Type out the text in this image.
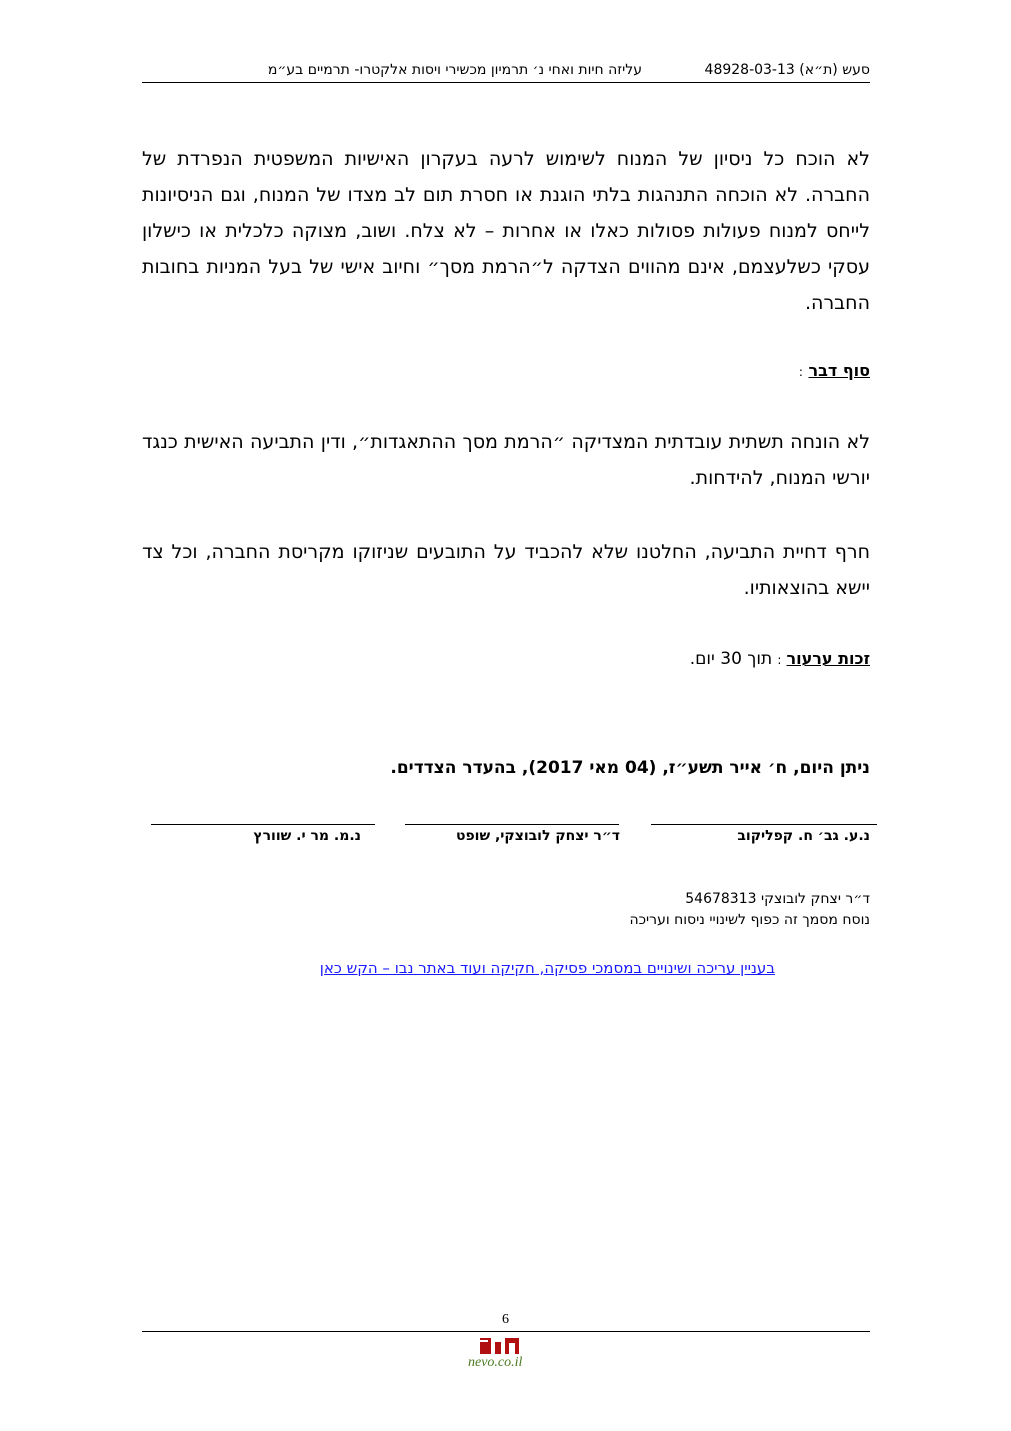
סעש (ת״א) 48928-03-13
עליזה חיות ואחי נ׳ תרמיון מכשירי ויסות אלקטרו- תרמיים בע״מ
לא הוכח כל ניסיון של המנוח לשימוש לרעה בעקרון האישיות המשפטית הנפרדת של החברה. לא הוכחה התנהגות בלתי הוגנת או חסרת תום לב מצדו של המנוח, וגם הניסיונות לייחס למנוח פעולות פסולות כאלו או אחרות – לא צלח. ושוב, מצוקה כלכלית או כישלון עסקי כשלעצמם, אינם מהווים הצדקה ל״הרמת מסך״ וחיוב אישי של בעל המניות בחובות החברה.
סוף דבר :
לא הונחה תשתית עובדתית המצדיקה ״הרמת מסך ההתאגדות״, ודין התביעה האישית כנגד יורשי המנוח, להידחות.
חרף דחיית התביעה, החלטנו שלא להכביד על התובעים שניזוקו מקריסת החברה, וכל צד יישא בהוצאותיו.
זכות ערעור : תוך 30 יום.
ניתן היום, ח׳ אייר תשע״ז, (04 מאי 2017), בהעדר הצדדים.
נ.ע. גב׳ ח. קפליקוב
ד״ר יצחק לובוצקי, שופט
נ.מ. מר י. שוורץ
ד״ר יצחק לובוצקי 54678313
נוסח מסמך זה כפוף לשינויי ניסוח ועריכה
בעניין עריכה ושינויים במסמכי פסיקה, חקיקה ועוד באתר נבו – הקש כאן
6
nevo.co.il
